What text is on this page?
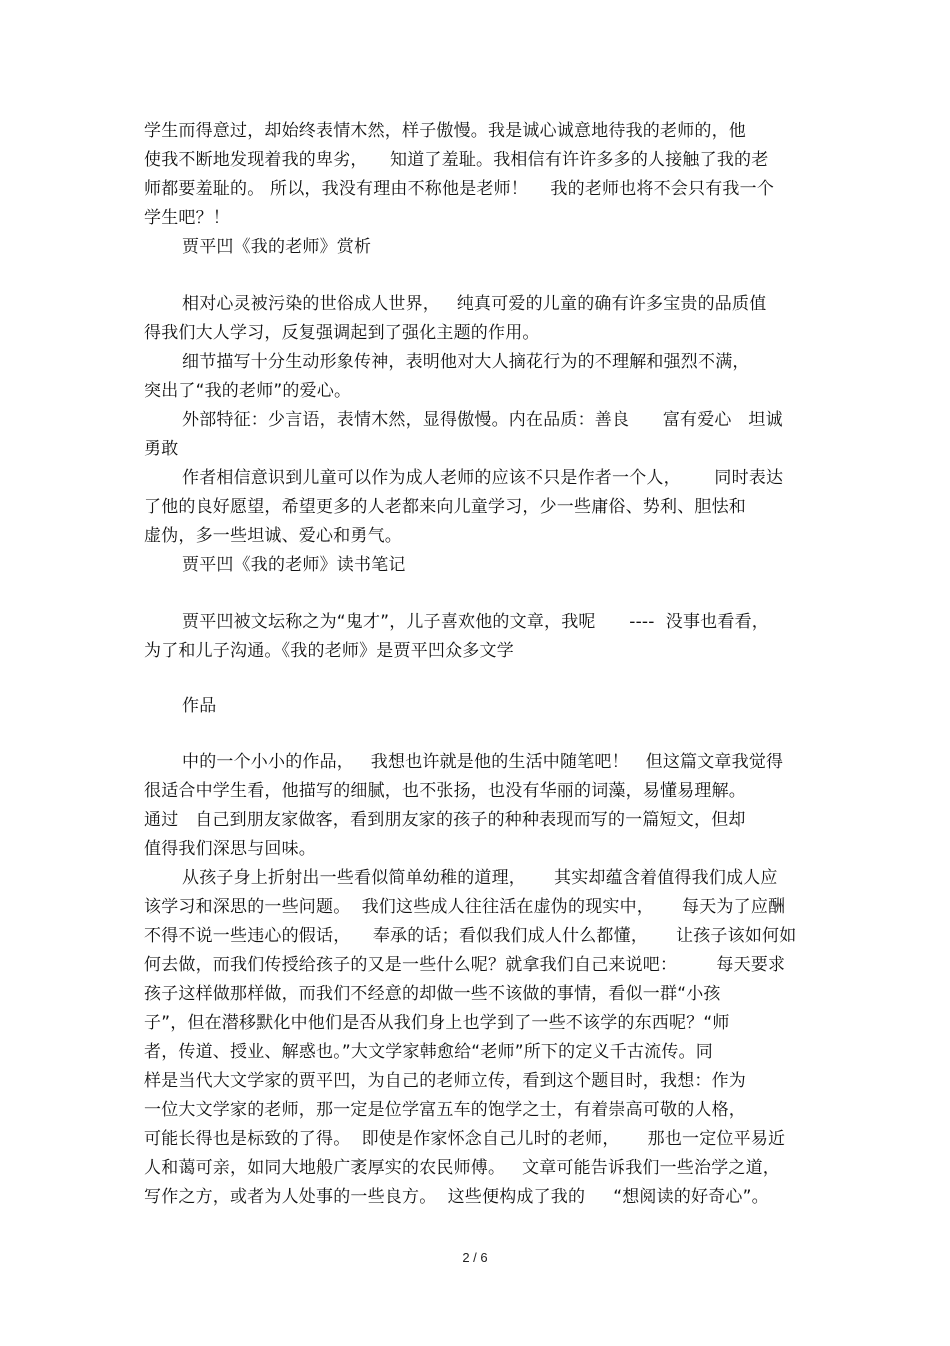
学生而得意过，却始终表情木然，样子傲慢。我是诚心诚意地待我的老师的，他
使我不断地发现着我的卑劣，    知道了羞耻。我相信有许许多多的人接触了我的老
师都要羞耻的。 所以，我没有理由不称他是老师！    我的老师也将不会只有我一个
学生吧？！
贾平凹《我的老师》赏析
相对心灵被污染的世俗成人世界，   纯真可爱的儿童的确有许多宝贵的品质值
得我们大人学习，反复强调起到了强化主题的作用。
细节描写十分生动形象传神，表明他对大人摘花行为的不理解和强烈不满，
突出了“我的老师”的爱心。
外部特征：少言语，表情木然，显得傲慢。内在品质：善良      富有爱心   坦诚
勇敢
作者相信意识到儿童可以作为成人老师的应该不只是作者一个人，      同时表达
了他的良好愿望，希望更多的人老都来向儿童学习，少一些庸俗、势利、胆怯和
虚伪，多一些坦诚、爱心和勇气。
贾平凹《我的老师》读书笔记
贾平凹被文坛称之为“鬼才”，儿子喜欢他的文章，我呢      ----  没事也看看，
为了和儿子沟通。《我的老师》是贾平凹众多文学
作品
中的一个小小的作品，   我想也许就是他的生活中随笔吧！   但这篇文章我觉得
很适合中学生看，他描写的细腻，也不张扬，也没有华丽的词藻，易懂易理解。
通过   自己到朋友家做客，看到朋友家的孩子的种种表现而写的一篇短文，但却
值得我们深思与回味。
从孩子身上折射出一些看似简单幼稚的道理，     其实却蕴含着值得我们成人应
该学习和深思的一些问题。  我们这些成人往往活在虚伪的现实中，     每天为了应酬
不得不说一些违心的假话，    奉承的话；看似我们成人什么都懂，     让孩子该如何如
何去做，而我们传授给孩子的又是一些什么呢？就拿我们自己来说吧：       每天要求
孩子这样做那样做，而我们不经意的却做一些不该做的事情，看似一群“小孩
子”，但在潜移默化中他们是否从我们身上也学到了一些不该学的东西呢？“师
者，传道、授业、解惑也。”大文学家韩愈给“老师”所下的定义千古流传。同
样是当代大文学家的贾平凹，为自己的老师立传，看到这个题目时，我想：作为
一位大文学家的老师，那一定是位学富五车的饱学之士，有着崇高可敬的人格，
可能长得也是标致的了得。  即使是作家怀念自己儿时的老师，     那也一定位平易近
人和蔼可亲，如同大地般广袤厚实的农民师傅。   文章可能告诉我们一些治学之道，
写作之方，或者为人处事的一些良方。  这些便构成了我的     “想阅读的好奇心”。
2 / 6
